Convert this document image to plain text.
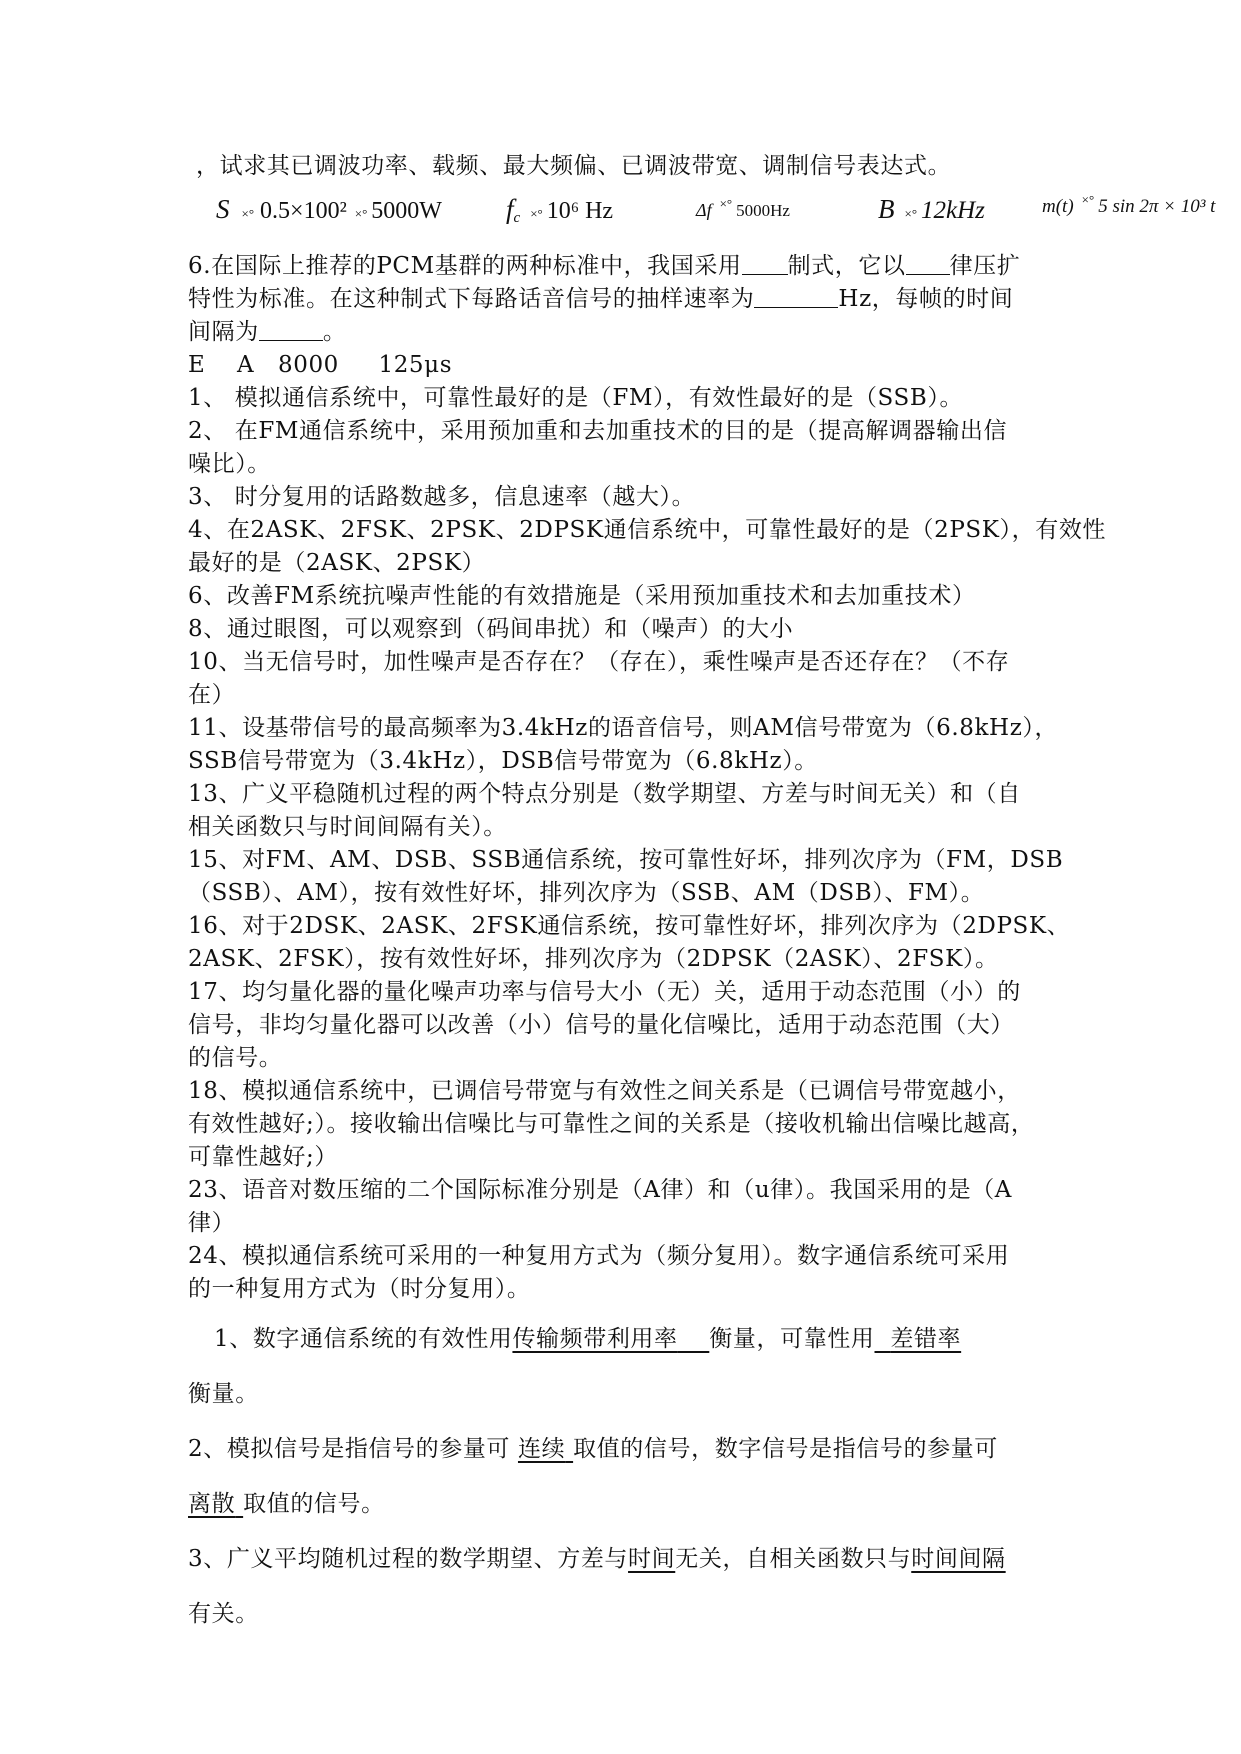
，试求其已调波功率、载频、最大频偏、已调波带宽、调制信号表达式。
S ×° 0.5×100² ×° 5000W $f_c$ ×° 10⁶ Hz	Δf ×° 5000Hz	B ×° 12kHz	m(t) ×° 5 sin 2π × 10³ t
6.在国际上推荐的PCM基群的两种标准中，我国采用 制式，它以 律压扩
特性为标准。在这种制式下每路话音信号的抽样速率为	Hz，每帧的时间
间隔为	。
E    A   8000     125μs
1、 模拟通信系统中，可靠性最好的是（FM），有效性最好的是（SSB）。
2、 在FM通信系统中，采用预加重和去加重技术的目的是（提高解调器输出信
噪比）。
3、 时分复用的话路数越多，信息速率（越大）。
4、在2ASK、2FSK、2PSK、2DPSK通信系统中，可靠性最好的是（2PSK），有效性
最好的是（2ASK、2PSK）
6、改善FM系统抗噪声性能的有效措施是（采用预加重技术和去加重技术）
8、通过眼图，可以观察到（码间串扰）和（噪声）的大小
10、当无信号时，加性噪声是否存在？（存在），乘性噪声是否还存在？（不存
在）
11、设基带信号的最高频率为3.4kHz的语音信号，则AM信号带宽为（6.8kHz），
SSB信号带宽为（3.4kHz），DSB信号带宽为（6.8kHz）。
13、广义平稳随机过程的两个特点分别是（数学期望、方差与时间无关）和（自
相关函数只与时间间隔有关）。
15、对FM、AM、DSB、SSB通信系统，按可靠性好坏，排列次序为（FM，DSB
（SSB）、AM），按有效性好坏，排列次序为（SSB、AM（DSB）、FM）。
16、对于2DSK、2ASK、2FSK通信系统，按可靠性好坏，排列次序为（2DPSK、
2ASK、2FSK），按有效性好坏，排列次序为（2DPSK（2ASK）、2FSK）。
17、均匀量化器的量化噪声功率与信号大小（无）关，适用于动态范围（小）的
信号，非均匀量化器可以改善（小）信号的量化信噪比，适用于动态范围（大）
的信号。
18、模拟通信系统中，已调信号带宽与有效性之间关系是（已调信号带宽越小，
有效性越好;）。接收输出信噪比与可靠性之间的关系是（接收机输出信噪比越高，
可靠性越好;）
23、语音对数压缩的二个国际标准分别是（A律）和（u律）。我国采用的是（A
律）
24、模拟通信系统可采用的一种复用方式为（频分复用）。数字通信系统可采用
的一种复用方式为（时分复用）。
1、数字通信系统的有效性用传输频带利用率 衡量，可靠性用 差错率
衡量。
2、模拟信号是指信号的参量可 连续 取值的信号，数字信号是指信号的参量可
离散 取值的信号。
3、广义平均随机过程的数学期望、方差与时间无关，自相关函数只与时间间隔
有关。
